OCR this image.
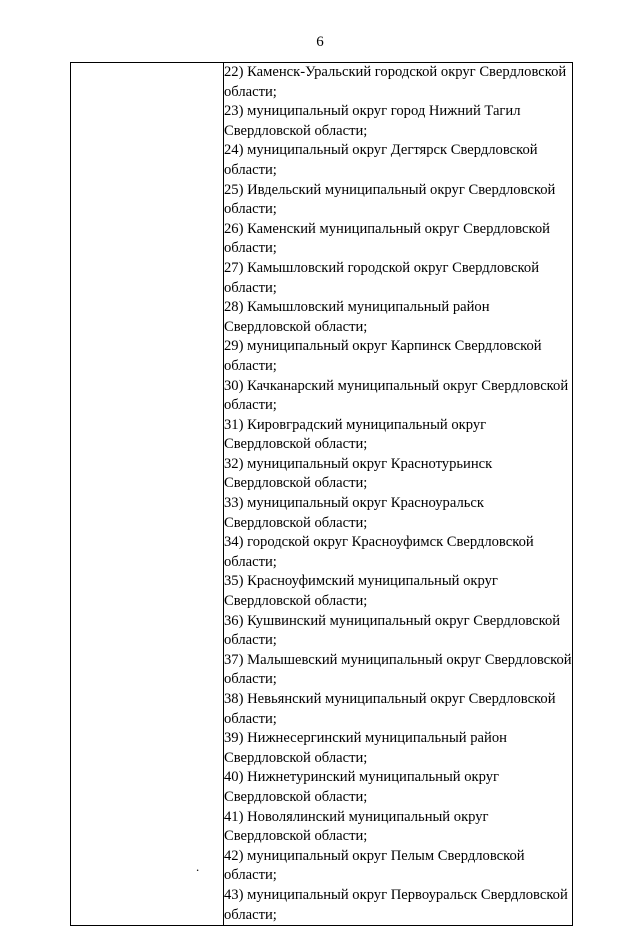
6

22) Каменск-Уральский городской округ Свердловской области;

23) муниципальный округ город Нижний Тагил Свердловской области;

24) муниципальный округ Дегтярск Свердловской области;

25) Ивдельский муниципальный округ Свердловской области;

26) Каменский муниципальный округ Свердловской области;

27) Камышловский городской округ Свердловской области;

28) Камышловский муниципальный район Свердловской области;

29) муниципальный округ Карпинск Свердловской области;

30) Качканарский муниципальный округ Свердловской области;

31) Кировградский муниципальный округ Свердловской области;

32) муниципальный округ Краснотурьинск Свердловской области;

33) муниципальный округ Красноуральск Свердловской области;

34) городской округ Красноуфимск Свердловской области;

35) Красноуфимский муниципальный округ Свердловской области;

36) Кушвинский муниципальный округ Свердловской области;

37) Малышевский муниципальный округ Свердловской области;

38) Невьянский муниципальный округ Свердловской области;

39) Нижнесергинский муниципальный район Свердловской области;

40) Нижнетуринский муниципальный округ Свердловской области;

41) Новолялинский муниципальный округ Свердловской области;

42) муниципальный округ Пелым Свердловской области;

43) муниципальный округ Первоуральск Свердловской области;

.
